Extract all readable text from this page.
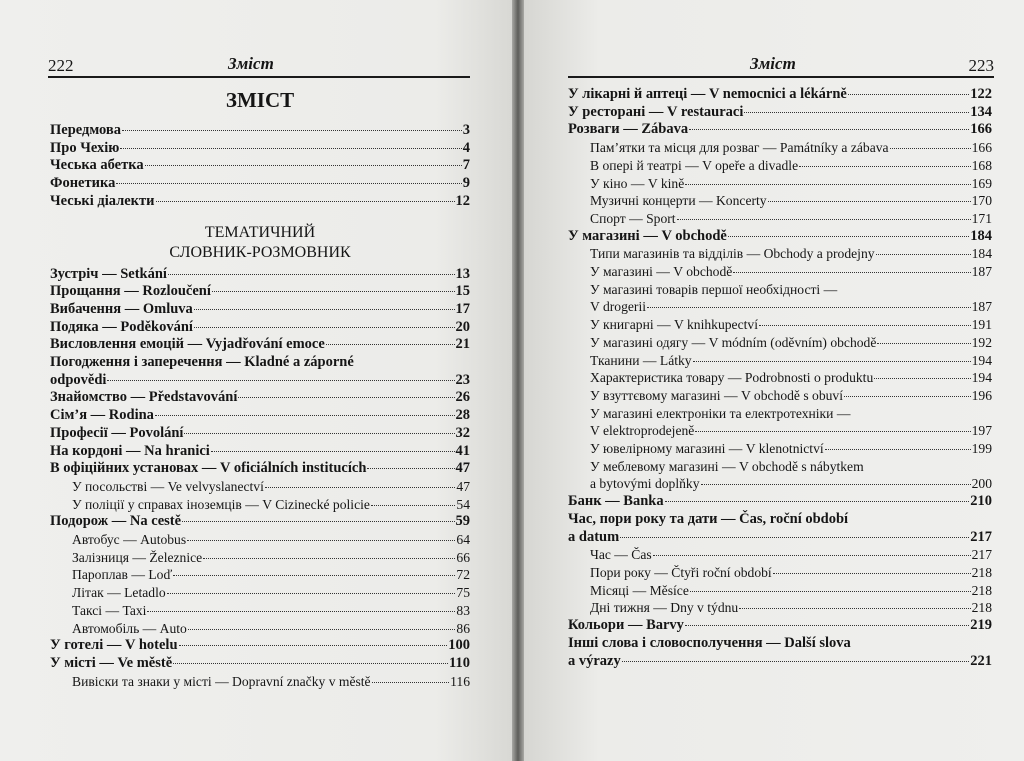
222	Зміст
ЗМІСТ
Передмова	3
Про Чехію	4
Чеська абетка	7
Фонетика	9
Чеські діалекти	12
ТЕМАТИЧНИЙ
СЛОВНИК-РОЗМОВНИК
Зустріч — Setkání	13
Прощання — Rozloučení	15
Вибачення — Omluva	17
Подяка — Poděkování	20
Висловлення емоцій — Vyjadřování emoce	21
Погодження і заперечення — Kladné a záporné
odpovědi	23
Знайомство — Představování	26
Сім’я — Rodina	28
Професії — Povolání	32
На кордоні — Na hranici	41
В офіційних установах — V oficiálních institucích	47
У посольстві — Ve velvyslanectví	47
У поліції у справах іноземців — V Cizinecké policie	54
Подорож — Na cestě	59
Автобус — Autobus	64
Залізниця — Železnice	66
Пароплав — Loď	72
Літак — Letadlo	75
Таксі — Taxi	83
Автомобіль — Auto	86
У готелі — V hotelu	100
У місті — Ve městě	110
Вивіски та знаки у місті — Dopravní značky v městě	116
Зміст	223
У лікарні й аптеці — V nemocnici a lékárně	122
У ресторані — V restauraci	134
Розваги — Zábava	166
Пам’ятки та місця для розваг — Památníky a zábava	166
В опері й театрі — V opeře a divadle	168
У кіно — V kině	169
Музичні концерти — Koncerty	170
Спорт — Sport	171
У магазині — V obchodě	184
Типи магазинів та відділів — Obchody a prodejny	184
У магазині — V obchodě	187
У магазині товарів першої необхідності —
V drogerii	187
У книгарні — V knihkupectví	191
У магазині одягу — V módním (oděvním) obchodě	192
Тканини — Látky	194
Характеристика товару — Podrobnosti o produktu	194
У взуттєвому магазині — V obchodě s obuví	196
У магазині електроніки та електротехніки —
V elektroprodejeně	197
У ювелірному магазині — V klenotnictví	199
У меблевому магазині — V obchodě s nábytkem
a bytovými doplňky	200
Банк — Banka	210
Час, пори року та дати — Čas, roční období
a datum	217
Час — Čas	217
Пори року — Čtyři roční období	218
Місяці — Měsíce	218
Дні тижня — Dny v týdnu	218
Кольори — Barvy	219
Інші слова і словосполучення — Další slova
a výrazy	221
